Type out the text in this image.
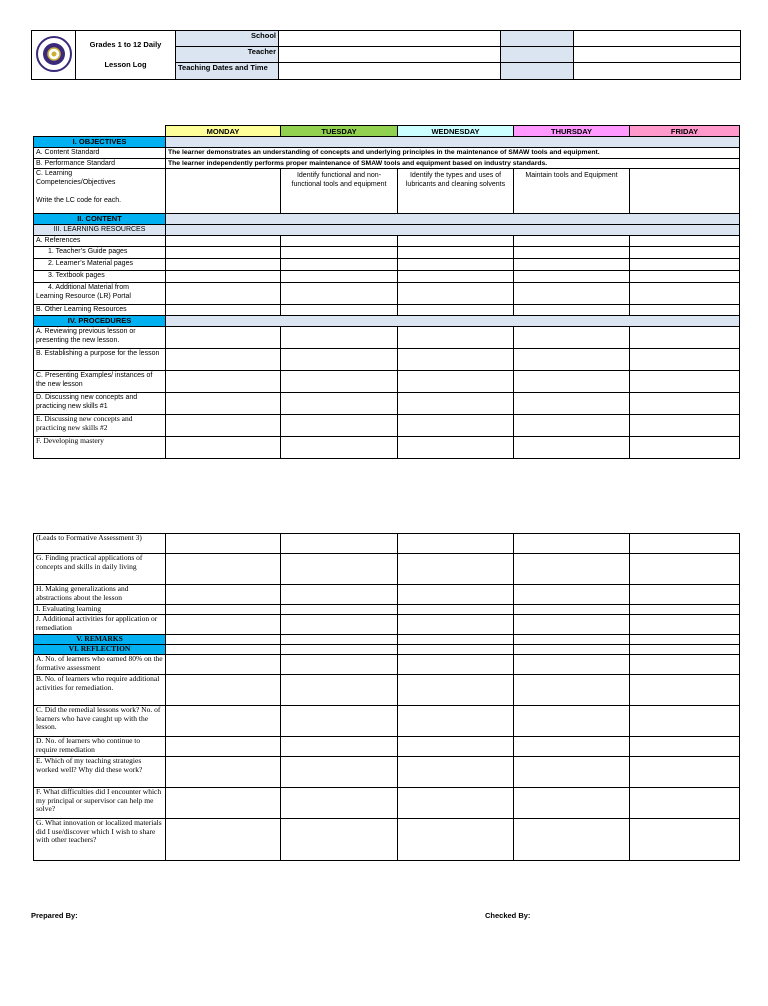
Grades 1 to 12 Daily
Lesson Log	School			
		Teacher			
		Teaching Dates and Time			
	MONDAY	TUESDAY	WEDNESDAY	THURSDAY	FRIDAY
I. OBJECTIVES					
A. Content Standard	The learner demonstrates an understanding of concepts and underlying principles in the maintenance of SMAW tools and equipment.				
B. Performance Standard	The learner independently performs proper maintenance of SMAW tools and equipment based on industry standards.				

C. Learning
Competencies/Objectives
Write the LC code for each.		Identify functional and non-functional tools and equipment	Identify the types and uses of lubricants and cleaning solvents	Maintain tools and Equipment	
II. CONTENT					
III. LEARNING RESOURCES					
A. References					
1. Teacher’s Guide pages					
2. Learner’s Material pages					
3. Textbook pages					

4. Additional Material from
Learning Resource (LR) Portal					

B. Other Learning Resources					
IV. PROCEDURES					
A. Reviewing previous lesson or presenting the new lesson.					
B. Establishing a purpose for the lesson					
C. Presenting Examples/ instances of the new lesson					
D. Discussing new concepts and practicing new skills #1					
E. Discussing new concepts and practicing new skills #2					
F. Developing mastery					
(Leads to Formative Assessment 3)					
G. Finding practical applications of concepts and skills in daily living					
H. Making generalizations and abstractions about the lesson					
I. Evaluating learning					
J. Additional activities for application or remediation					
V. REMARKS					
VI. REFLECTION					
A. No. of learners who earned 80% on the formative assessment					
B. No. of learners who require additional activities for remediation.					
C. Did the remedial lessons work? No. of learners who have caught up with the lesson.					
D. No. of learners who continue to require remediation					
E. Which of my teaching strategies worked well? Why did these work?					
F. What difficulties did I encounter which my principal or supervisor can help me solve?					
G. What innovation or localized materials did I use/discover which I wish to share with other teachers?					
Prepared By:	Checked By:
